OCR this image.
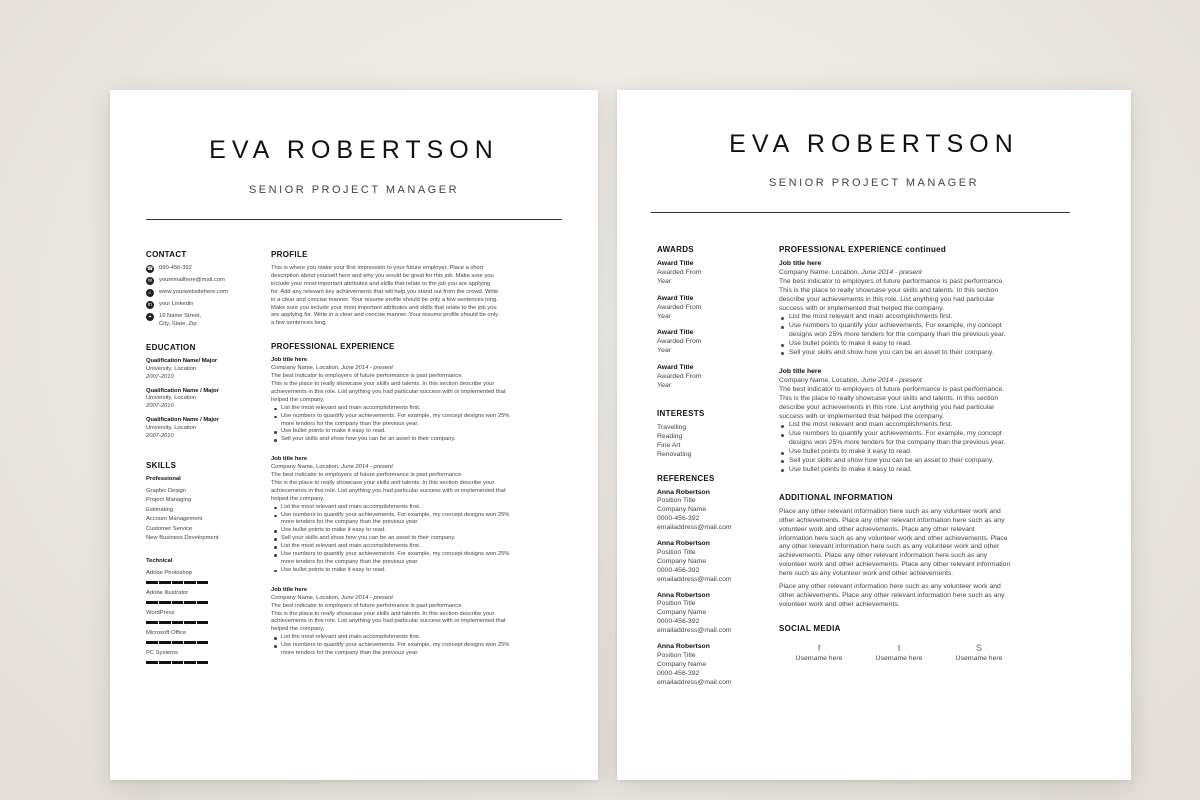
EVA ROBERTSON
SENIOR PROJECT MANAGER
CONTACT
☎ 090-456-392
✉	youremailhere@mail.com
⌂	www.yourwebsitehere.com
in	your Linkedin
⌖	16 Name Street,
City, State, Zip
EDUCATION
Qualification Name/ Major
University, Location
2007-2010
Qualification Name / Major
University, Location
2007-2010
Qualification Name / Major
University, Location
2007-2010
SKILLS
Professional
Graphic Design
Project Managing
Estimating
Account Management
Customer Service
New Business Development
Technical
Adobe Photoshop
Adobe Illustrator
WordPress
Microsoft Office
PC Systems
PROFILE
This is where you make your first impression to your future employer. Place a short
description about yourself here and why you would be great for this job. Make sure you
include your most important attributes and skills that relate to the job you are applying
for. Add any relevant key achievements that will help you stand out from the crowd. Write
in a clear and concise manner. Your resume profile should be only a few sentences long.
Make sure you include your most important attributes and skills that relate to the job you
are applying for. Write in a clear and concise manner. Your resume profile should be only
a few sentences long.
PROFESSIONAL EXPERIENCE
Job title here
Company Name, Location, June 2014 - present
The best indicator to employers of future performance is past performance.
This is the place to really showcase your skills and talents. In this section describe your
achievements in this role. List anything you had particular success with or implemented that
helped the company.
List the most relevant and main accomplishments first.
Use numbers to quantify your achievements. For example, my concept designs won 25%
more tenders for the company than the previous year.
Use bullet points to make it easy to read.
Sell your skills and show how you can be an asset to their company.
Job title here
Company Name, Location, June 2014 - present
The best indicator to employers of future performance is past performance.
This is the place to really showcase your skills and talents. In this section describe your
achievements in this role. List anything you had particular success with or implemented that
helped the company.
List the most relevant and main accomplishments first.
Use numbers to quantify your achievements. For example, my concept designs won 25%
more tenders for the company than the previous year.
Use bullet points to make it easy to read.
Sell your skills and show how you can be an asset to their company.
List the most relevant and main accomplishments first.
Use numbers to quantify your achievements. For example, my concept designs won 25%
more tenders for the company than the previous year.
Use bullet points to make it easy to read.
Job title here
Company Name, Location, June 2014 - present
The best indicator to employers of future performance is past performance.
This is the place to really showcase your skills and talents. In this section describe your
achievements in this role. List anything you had particular success with or implemented that
helped the company.
List the most relevant and main accomplishments first.
Use numbers to quantify your achievements. For example, my concept designs won 25%
more tenders for the company than the previous year.
EVA ROBERTSON
SENIOR PROJECT MANAGER
AWARDS
Award Title
Awarded From
Year
Award Title
Awarded From
Year
Award Title
Awarded From
Year
Award Title
Awarded From
Year
INTERESTS
Travelling
Reading
Fine Art
Renovating
REFERENCES
Anna Robertson
Position Title
Company Name
0000-456-392
emailaddress@mail.com
Anna Robertson
Position Title
Company Name
0000-456-392
emailaddress@mail.com
Anna Robertson
Position Title
Company Name
0000-456-392
emailaddress@mail.com
Anna Robertson
Position Title
Company Name
0000-456-392
emailaddress@mail.com
PROFESSIONAL EXPERIENCE continued
Job title here
Company Name, Location, June 2014 - present
The best indicator to employers of future performance is past performance.
This is the place to really showcase your skills and talents. In this section
describe your achievements in this role. List anything you had particular
success with or implemented that helped the company.
List the most relevant and main accomplishments first.
Use numbers to quantify your achievements. For example, my concept
designs won 25% more tenders for the company than the previous year.
Use bullet points to make it easy to read.
Sell your skills and show how you can be an asset to their company.
Job title here
Company Name, Location, June 2014 - present
The best indicator to employers of future performance is past performance.
This is the place to really showcase your skills and talents. In this section
describe your achievements in this role. List anything you had particular
success with or implemented that helped the company.
List the most relevant and main accomplishments first.
Use numbers to quantify your achievements. For example, my concept
designs won 25% more tenders for the company than the previous year.
Use bullet points to make it easy to read.
Sell your skills and show how you can be an asset to their company.
Use bullet points to make it easy to read.
ADDITIONAL INFORMATION
Place any other relevant information here such as any volunteer work and
other achievements. Place any other relevant information here such as any
volunteer work and other achievements. Place any other relevant
information here such as any volunteer work and other achievements. Place
any other relevant information here such as any volunteer work and other
achievements. Place any other relevant information here such as any
volunteer work and other achievements. Place any other relevant information
here such as any volunteer work and other achievements.
Place any other relevant information here such as any volunteer work and
other achievements. Place any other relevant information here such as any
volunteer work and other achievements.
SOCIAL MEDIA
f
Username here
t
Username here
S
Username here
